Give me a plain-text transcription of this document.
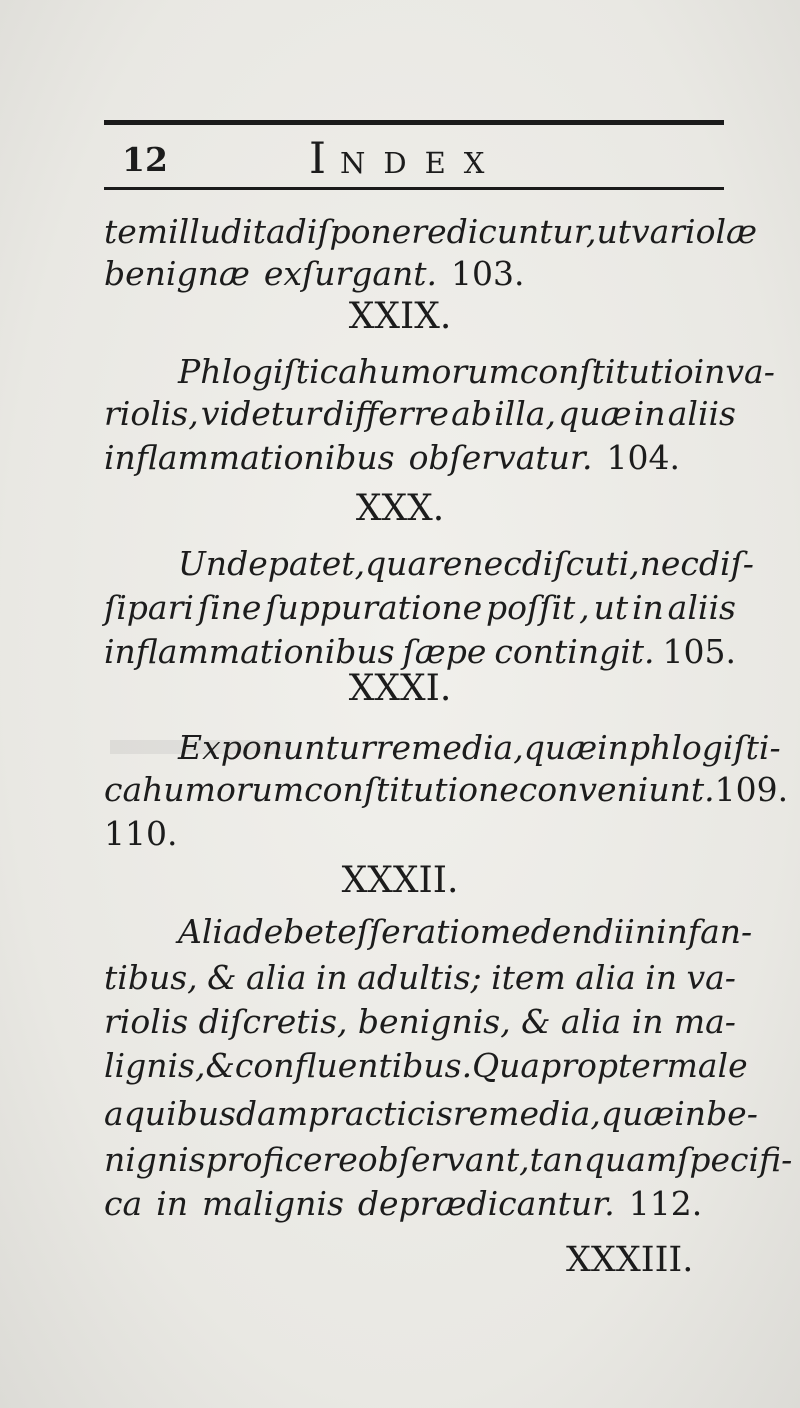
12	INDEX
tem illud ita diſponere dicuntur, ut variolæ
benignæ exſurgant. 103.
XXIX.
Phlogiſtica humorum conſtitutio in va-
riolis, videtur differre ab illa, quæ in aliis
inflammationibus obſervatur. 104.
XXX.
Unde patet, quare nec diſcuti, nec diſ-
ſipari ſine ſuppuratione poſſit , ut in aliis
inflammationibus ſæpe contingit. 105.
XXXI.
Exponuntur remedia, quæ in phlogiſti-
ca humorum conſtitutione conveniunt. 109.
110.
XXXII.
Alia debet eſſe ratio medendi in infan-
tibus, & alia in adultis; item alia in va-
riolis diſcretis, benignis, & alia in ma-
lignis, & confluentibus. Quapropter male
a quibusdam practicis remedia, quæ in be-
nignis proficere obſervant, tanquam ſpecifi-
ca in malignis deprædicantur. 112.
XXXIII.
